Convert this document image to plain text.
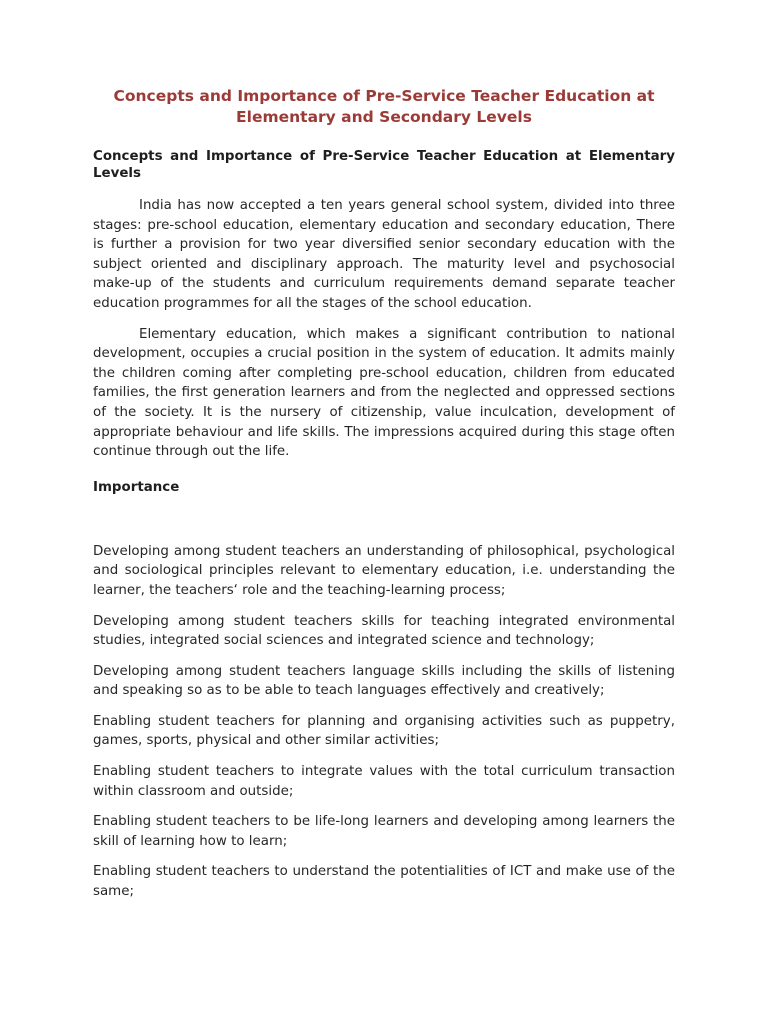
Concepts and Importance of Pre-Service Teacher Education at
Elementary and Secondary Levels
Concepts and Importance of Pre-Service Teacher Education at Elementary Levels

India has now accepted a ten years general school system, divided into three stages: pre-school education, elementary education and secondary education, There is further a provision for two year diversified senior secondary education with the subject oriented and disciplinary approach. The maturity level and psychosocial make-up of the students and curriculum requirements demand separate teacher education programmes for all the stages of the school education.

Elementary education, which makes a significant contribution to national development, occupies a crucial position in the system of education. It admits mainly the children coming after completing pre-school education, children from educated families, the first generation learners and from the neglected and oppressed sections of the society. It is the nursery of citizenship, value inculcation, development of appropriate behaviour and life skills. The impressions acquired during this stage often continue through out the life.

Importance

Developing among student teachers an understanding of philosophical, psychological and sociological principles relevant to elementary education, i.e. understanding the learner, the teachers‘ role and the teaching-learning process;

Developing among student teachers skills for teaching integrated environmental studies, integrated social sciences and integrated science and technology;

Developing among student teachers language skills including the skills of listening and speaking so as to be able to teach languages effectively and creatively;

Enabling student teachers for planning and organising activities such as puppetry, games, sports, physical and other similar activities;

Enabling student teachers to integrate values with the total curriculum transaction within classroom and outside;

Enabling student teachers to be life-long learners and developing among learners the skill of learning how to learn;

Enabling student teachers to understand the potentialities of ICT and make use of the same;
